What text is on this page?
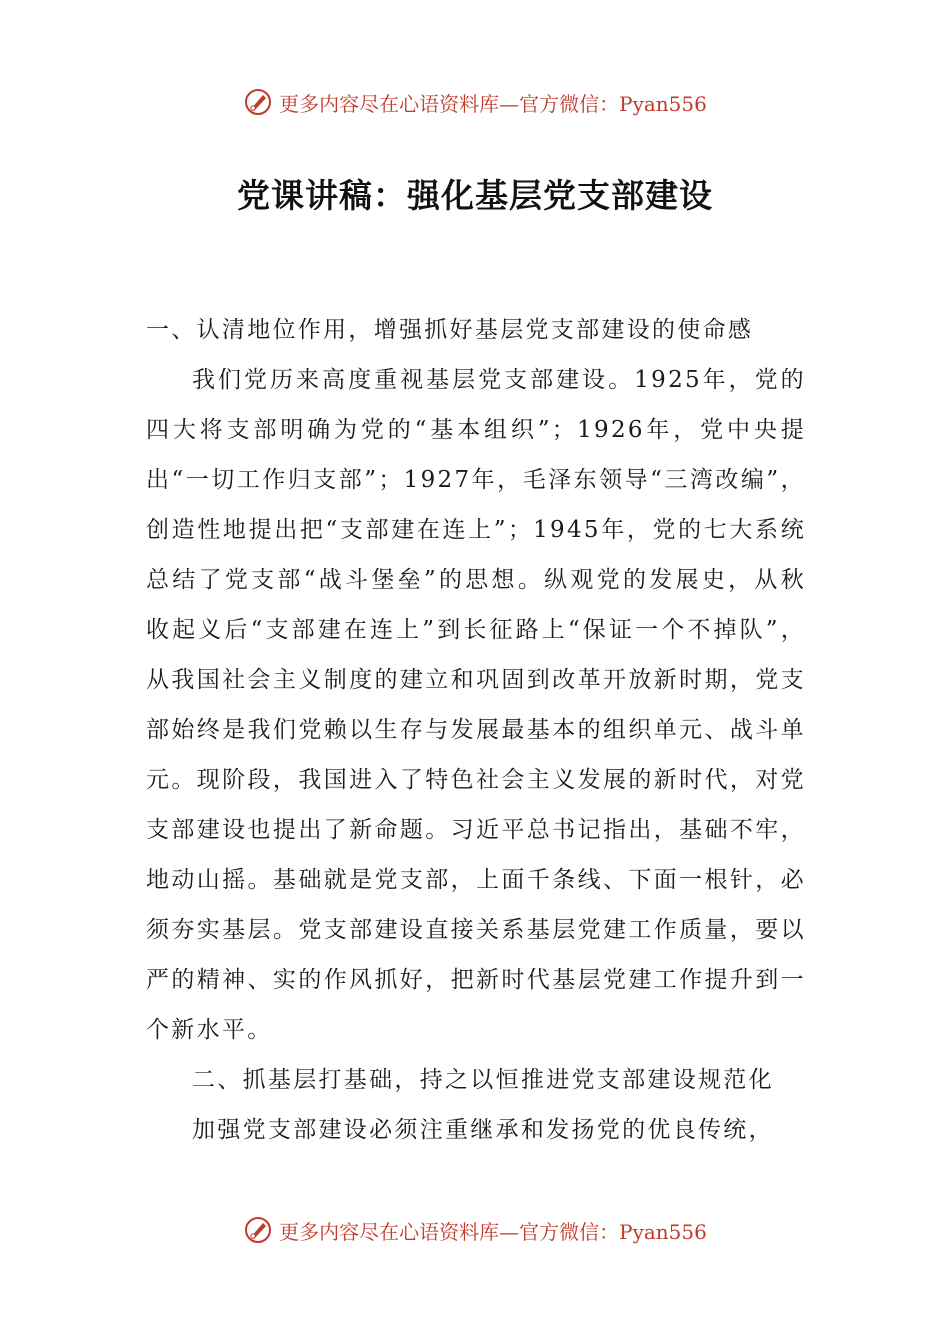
更多内容尽在心语资料库—官方微信：Pyan556
党课讲稿：强化基层党支部建设

一、认清地位作用，增强抓好基层党支部建设的使命感

我们党历来高度重视基层党支部建设。1925年，党的四大将支部明确为党的“基本组织”；1926年，党中央提出“一切工作归支部”；1927年，毛泽东领导“三湾改编”，创造性地提出把“支部建在连上”；1945年，党的七大系统总结了党支部“战斗堡垒”的思想。纵观党的发展史，从秋收起义后“支部建在连上”到长征路上“保证一个不掉队”，从我国社会主义制度的建立和巩固到改革开放新时期，党支部始终是我们党赖以生存与发展最基本的组织单元、战斗单元。现阶段，我国进入了特色社会主义发展的新时代，对党支部建设也提出了新命题。习近平总书记指出，基础不牢，地动山摇。基础就是党支部，上面千条线、下面一根针，必须夯实基层。党支部建设直接关系基层党建工作质量，要以严的精神、实的作风抓好，把新时代基层党建工作提升到一个新水平。

二、抓基层打基础，持之以恒推进党支部建设规范化

加强党支部建设必须注重继承和发扬党的优良传统，

更多内容尽在心语资料库—官方微信：Pyan556
